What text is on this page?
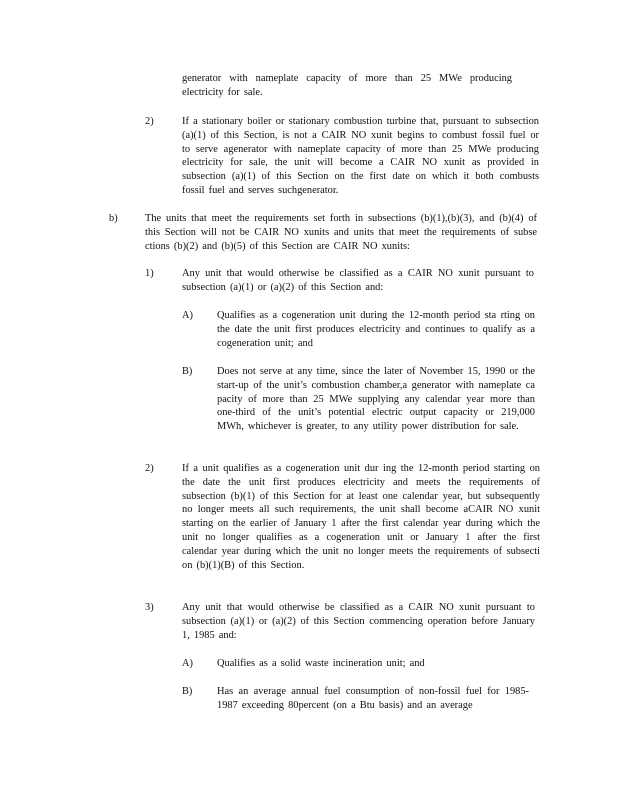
generator with nameplate capacity of more than 25 MWe producing electricity for sale.

2)	If a stationary boiler or stationary combustion turbine that, pursuant to subsection (a)(1) of this Section, is not a CAIR NO xunit begins to combust fossil fuel or to serve agenerator with nameplate capacity of more than 25 MWe producing electricity for sale, the unit will become a CAIR NO xunit as provided in subsection (a)(1) of this Section on the first date on which it both combusts fossil fuel and serves suchgenerator.

b)	The units that meet the requirements set forth in subsections (b)(1),(b)(3), and (b)(4) of this Section will not be CAIR NO xunits and units that meet the requirements of subse ctions (b)(2) and (b)(5) of this Section are CAIR NO xunits:

1)	Any unit that would otherwise be classified as a CAIR NO xunit pursuant to subsection (a)(1) or (a)(2) of this Section and:

A) Qualifies as a cogeneration unit during the 12-month period sta rting on the date the unit first produces electricity and continues to qualify as a cogeneration unit; and

B) Does not serve at any time, since the later of November 15, 1990 or the start-up of the unit’s combustion chamber,a generator with nameplate ca pacity of more than 25 MWe supplying any calendar year more than one-third of the unit’s potential electric output capacity or 219,000 MWh, whichever is greater, to any utility power distribution for sale.

2)	If a unit qualifies as a cogeneration unit dur ing the 12-month period starting on the date the unit first produces electricity and meets the requirements of subsection (b)(1) of this Section for at least one calendar year, but subsequently no longer meets all such requirements, the unit shall become aCAIR NO xunit starting on the earlier of January 1 after the first calendar year during which the unit no longer qualifies as a cogeneration unit or January 1 after the first calendar year during which the unit no longer meets the requirements of subsecti on (b)(1)(B) of this Section.

3)	Any unit that would otherwise be classified as a CAIR NO xunit pursuant to subsection (a)(1) or (a)(2) of this Section commencing operation before January 1, 1985 and:

A) Qualifies as a solid waste incineration unit; and

B) Has an average annual fuel consumption of non-fossil fuel for 1985-1987 exceeding 80percent (on a Btu basis) and an average
